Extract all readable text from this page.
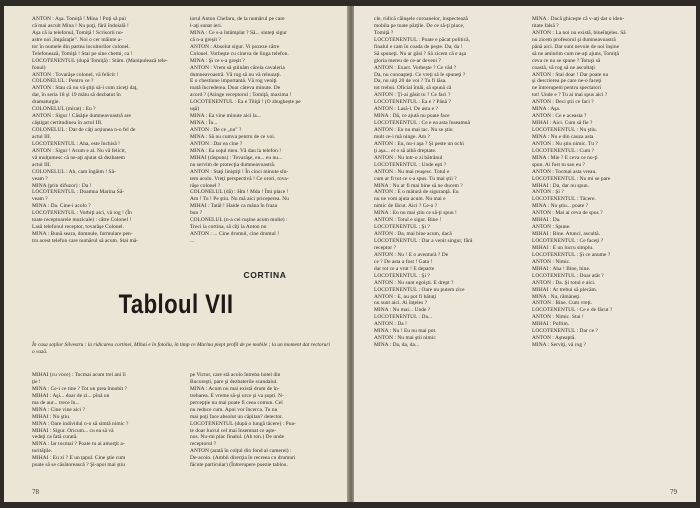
ANTON : Aşa. Tomiţă ! Mina ! Poţi să pui
că mai ascult Mina ! Nu poţi, fără îndoială !
Aşa că ia telefonul, Tomiţă ! Scrisorii no-
astre noi ,împăraţie". Noi o cer mâinte a-
tor în numele din partea locuitorilor colonel.
Telefonează, Tomiţă ! Stai pe sine chemi, ca !
LOCOTENENTUL (după Tomiţă) : Stăm. (Manipulează tele-
fonul)
ANTON : Tovarăşe colonel, vă felicit !
COLONELUL : Pentru ce ?
ANTON : Stau că nu vă ştiţi să-i cum ziceţi daţ,
dar, în seria 18 şi 19 mătu să dezbatut în
dramaturgie.
COLONELUL (mirat) : Eu ?
ANTON : Sigur ! Căsăţie dumneavoastră are
câştigat certitudinea în actul III.
COLONELUL : Dar de câţi acţiunea n-o fel de
actul III.
LOCOTENENTUL : Aha, este închisă !
ANTON : Sigur ! Acum e al. Nu vă felicit,
vă mulţumesc că ne-aţi ajutat să dezbatem
actul III.
COLONELUL : Ah, cam îngăim ! Să-
veam ?
MINA (prin difuzor) : Da !
LOCOTENENTUL : Doamna Marina Să-
veam ?
MINA : Da. Cine-i acolo ?
LOCOTENENTUL : Vorbiţi aici, vă rog ! (În
toate receptoarele muzicale) : către Colonel !
Lasă telefonul receptor, tovarăşe Colonel.
MINA : Bună seara, domnule, formulare pen-
tru acest telefon care numărul să acum. Stai mă-
iorul Anton Chefaru, de la numărul pe care
l-aţi sunat ieri.
MINA : Ce s-a întâmplat ? Să... sinteţi sigur
că n-a greşit ?
ANTON : Absolut sigur. Vi pozeze către
Colonel. Vorbeşte cu cineva de linga telefon.
MINA : Şi ce s-a greşit ?
ANTON : Vrem să ştiinăm căreia cavaleria
dumneavoastră. Vă rog să nu vă rehuzaţi.
E o chestiune importantă. Vă rog veniţi
toată încrederea. Doar câteva minute. De
acord ? (Atinge receptorul ; Tomiţă, maxima !
LOCOTENENTUL : Ea e Tiliţă ! (O zbughește pe
uşă)
MINA : Ea vine minute aici la...
MINA : În...
ANTON : De ce „nu" ?
MINA : Să nu cumva pentru de ce voi.
ANTON : Dar ea cine ?
MINA : Ea soţul meu. Vă dau la telefon !
MIHAI (răspuns) : Tovarăşe, eu... eu nu...
nu servim de protecţia dumneavoastră.
ANTON : Staţi liniştiţi ! În cinci minute sîn-
tem acolo. Vreţi perspectivă ! Ce orori, tova-
răşe colonel ?
COLONELUL (dă) : Hm ! Mda ! Îmi place !
Am ! Tu ! Pe ştiu. Nu mă aici priceperea. Nu
MIHAI : Tatăl ! Haide ca mâna în fraza
bun ?
COLONELUL (n-a cei ruşine acum multe) :
Treci la cortina, să cîţi la Anton nu
ANTON : ... Cine drumul, cine drumul !
...
CORTINA
Tabloul VII
În casa soţilor Silvestru : la ridicarea cortinei, Mihai e în fotoliu, în timp ce Marina piept profil de pe mobile ; la un moment dat rectoruri o vază.
MIHAI (cu voce) : Tocmai acum trei ani îi
ţie !
MINA : Ce-i ce tine ? Tot un prea înnobit ?
MIHAI : Aşi... doar de zi... pînă un
ma de aur... trece în...
MINA : Cine vine aici ?
MIHAI : Nu ştiu.
MINA : Oare individul n-o să simtă nimic ?
MIHAI : Sigur. Oricum... cu ea să vă
vedeţi ca fată curată.
MINA : Iar tocmai ? Poate tu ai amorţit a-
torităţile.
MIHAI : Eu zi ? E un ţapul. Cine ştie cum
poate să se căsătorească ? Şi-apoi mai ştiu
pe Victor, care stă acolo întreba hotel din
Bucureşti, pare şi dezbaterile scandalul.
MINA : Acum nu mai există drum de în-
trebarea. E vreme să-şi urce şi va șopti. N-
percepţie nu mai poate fi ceea comun. Cel
nu reduce cum. Apoi vor încerca. Tu nu
mai poţi face absolut un căpitan? detector.
LOCOTENENTUL (după o lungă tăcere) : Poa-
te doar lucrul cel mai însemnat ce aşte-
nos. Nu-mi plac finalul. (Ah ton.) De unde
receptorul ?
ANTON (arată în colţul din fond al camerei) :
De-acolo. (Ambii direcţia în recreea cu drumuri
făcute particular) (Întrerupere poezie tablou.
78
cle, ridică căluşele coroanelor, inspectează
mobila pe toate părţile. De ce să-ţi place,
Tomiţă ?
LOCOTENENTUL : Poate e păcat politică,
finalul e cam în coada de peşte. Da, da !
Să spuneţi. Nu ar găsi ? Să zicem că e aşa
gloria mereu de ce-ar deveni ?
ANTON : Exact. Vorbeşte ? Ce văd ?
Da, nu cunoaşteţi. Ce vreţi să le spuneţi ?
Da, nu uiţi 20 de voi ? Tu fi lăsa.
tot trebui. Oficial întâi, să spună că
ANTON : Ţi-ai găsit tu ? Ce faci ?
LOCOTENENTUL : Ea e ? Până ?
ANTON : Lasă-l. De asta e ?
MINA : Dă, ce ajută nu poate face
LOCOTENENTUL : Ce e ea asta înseamnă
ANTON : Eu nu mai tac. Nu se ştiu
mult ce-i mă ninge. Am ?
ANTON : Eu, nu-i aşa ? Şi peste un ochi
ţi aşa... el o să aibă dreptate.
ANTON : Nu intr-o zi bătrânul
LOCOTENENTUL : Unde eşti ?
ANTON : Nu mai reuşesc. Totul e
cum ar fi tot ce s-a spus. Tu mai știi ?
MINA : Nu ar fi mai bine să ne ducem ?
ANTON : E o mătură de siguranţă. Eu
nu ne vom ajuta acum. Nu mai e
nimic de făcut. Aici ? Ce-o ?
MINA : Eu nu mai ştiu ce să-ţi spun !
ANTON : Totul e sigur. Bine !
LOCOTENENTUL : Şi ?
ANTON : Da, mai bine acum, dacă
LOCOTENENTUL : Dar a venit singur, fără
receptor ?
ANTON : Nu ! E o aventură ? De
ce ? De asta a fost ! Gata !
dar tot ce a vrut ! E departe
LOCOTENENTUL : Şi ?
ANTON : Nu sunt egoişti. E drept ?
LOCOTENENTUL : Oare nu putem zice
ANTON : E, nu pot fi bătuţi
nu sunt aici. Ai înţeles ?
MINA : Nu mai... Unde ?
LOCOTENENTUL : Da...
ANTON : Da !
MINA : Nu ! Eu nu mai pot.
ANTON : Nu mai ştii nimic
MINA : Da, da, da...
MINA : Dacă ghiceşte că v-aţi dat o iden-
titate falsă ?
ANTON : La noi nu există, bineînţeles. Să
nu zicem profesorul şi dumneavoastră
până aici. Dar sunt nevoie de noi înşine
să ne amintim cum ne-aţi ajuns, Tomiţă
ceva ce nu se spune ? Totuşi să
coastă, vă rog să ne ascultaţi
ANTON : Stai doar ! Dar poate nu
şi descrierea pe care ne-o faceţi
ne întrerupem pentru spectatori
tot! Unde e ? Tu ai mai spus aici ?
ANTON : Deci ştii ce faci ?
MINA : Aşa.
ANTON : Ce e aceasta ?
MIHAI : Aici. Cum să fie ?
LOCOTENENTUL : Nu ştiu.
MINA : Nu e din cauza asta
ANTON : Nu ştiu nimic. Tu ?
LOCOTENENTUL : Cum ?
MINA : Mie ? E ceva ce nu-ţi
spun. Ai fost tu sau eu ?
ANTON : Tocmai asta vreau.
LOCOTENENTUL : Nu mi se pare
MIHAI : Da, dar nu spun.
ANTON : Şi ?
LOCOTENENTUL : Tăcere.
MINA : Nu ştiu... poate ?
ANTON : Mai ai ceva de spus ?
MIHAI : Da.
ANTON : Spune.
MIHAI : Bine. Atunci, ascultă.
LOCOTENENTUL : Ce faceţi ?
MIHAI : E un lucru simplu.
LOCOTENENTUL : Şi ce anume ?
ANTON : Nimic.
MIHAI : Aha ! Bine, bine.
LOCOTENENTUL : Doar atât ?
ANTON : Da. Şi totul e aici.
MIHAI : Ar trebui să plecăm.
MINA : Nu, rămâneţi.
ANTON : Bine. Cum vreţi.
LOCOTENENTUL : Ce e de făcut ?
ANTON : Nimic. Stai !
MIHAI : Poftim.
LOCOTENENTUL : Dar ce ?
ANTON : Aşteaptă.
MINA : Serviţi, vă rog ?
79
